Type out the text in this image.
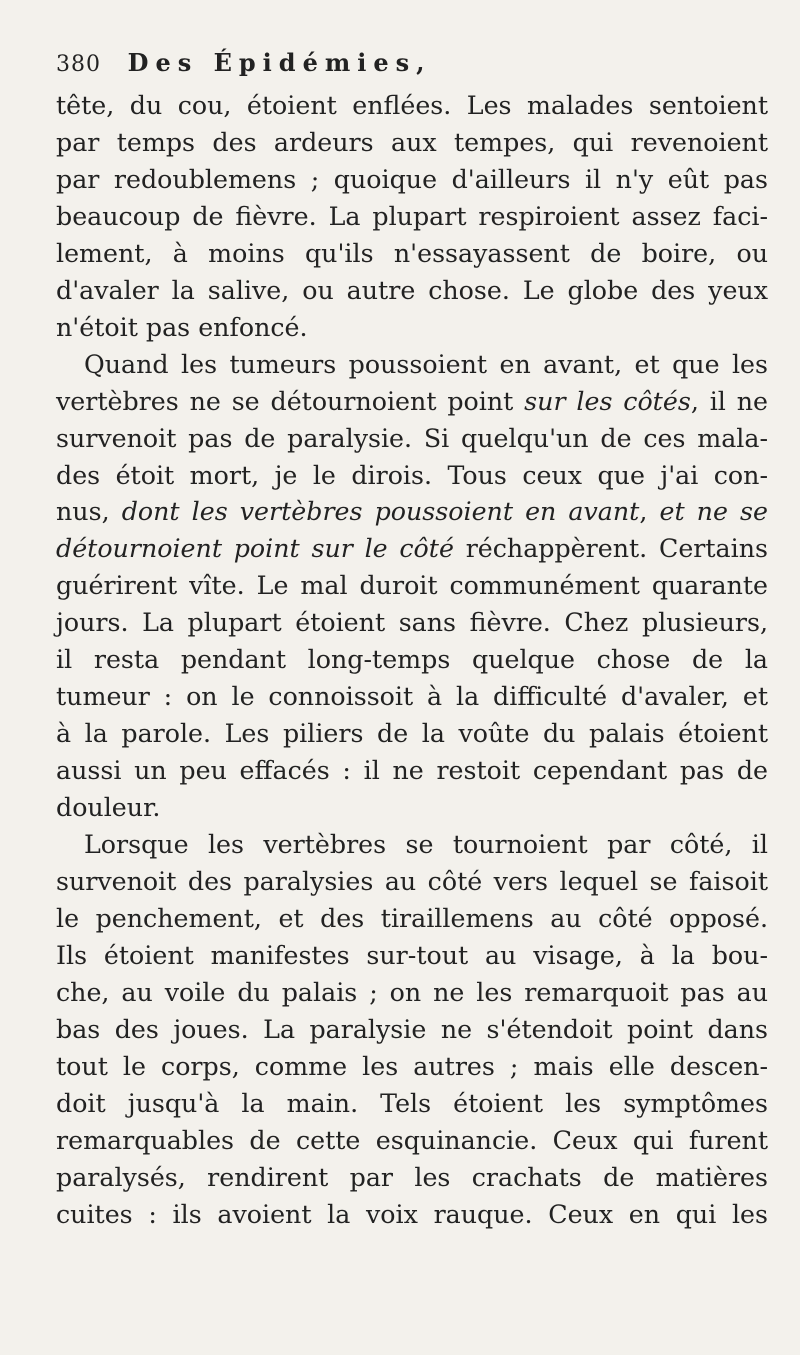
380 Des Épidémies,
tête, du cou, étoient enflées. Les malades sentoient
par temps des ardeurs aux tempes, qui revenoient
par redoublemens ; quoique d'ailleurs il n'y eût pas
beaucoup de fièvre. La plupart respiroient assez faci-
lement, à moins qu'ils n'essayassent de boire, ou
d'avaler la salive, ou autre chose. Le globe des yeux
n'étoit pas enfoncé.
Quand les tumeurs poussoient en avant, et que les
vertèbres ne se détournoient point sur les côtés, il ne
survenoit pas de paralysie. Si quelqu'un de ces mala-
des étoit mort, je le dirois. Tous ceux que j'ai con-
nus, dont les vertèbres poussoient en avant, et ne se
détournoient point sur le côté réchappèrent. Certains
guérirent vîte. Le mal duroit communément quarante
jours. La plupart étoient sans fièvre. Chez plusieurs,
il resta pendant long-temps quelque chose de la
tumeur : on le connoissoit à la difficulté d'avaler, et
à la parole. Les piliers de la voûte du palais étoient
aussi un peu effacés : il ne restoit cependant pas de
douleur.
Lorsque les vertèbres se tournoient par côté, il
survenoit des paralysies au côté vers lequel se faisoit
le penchement, et des tiraillemens au côté opposé.
Ils étoient manifestes sur-tout au visage, à la bou-
che, au voile du palais ; on ne les remarquoit pas au
bas des joues. La paralysie ne s'étendoit point dans
tout le corps, comme les autres ; mais elle descen-
doit jusqu'à la main. Tels étoient les symptômes
remarquables de cette esquinancie. Ceux qui furent
paralysés, rendirent par les crachats de matières
cuites : ils avoient la voix rauque. Ceux en qui les
